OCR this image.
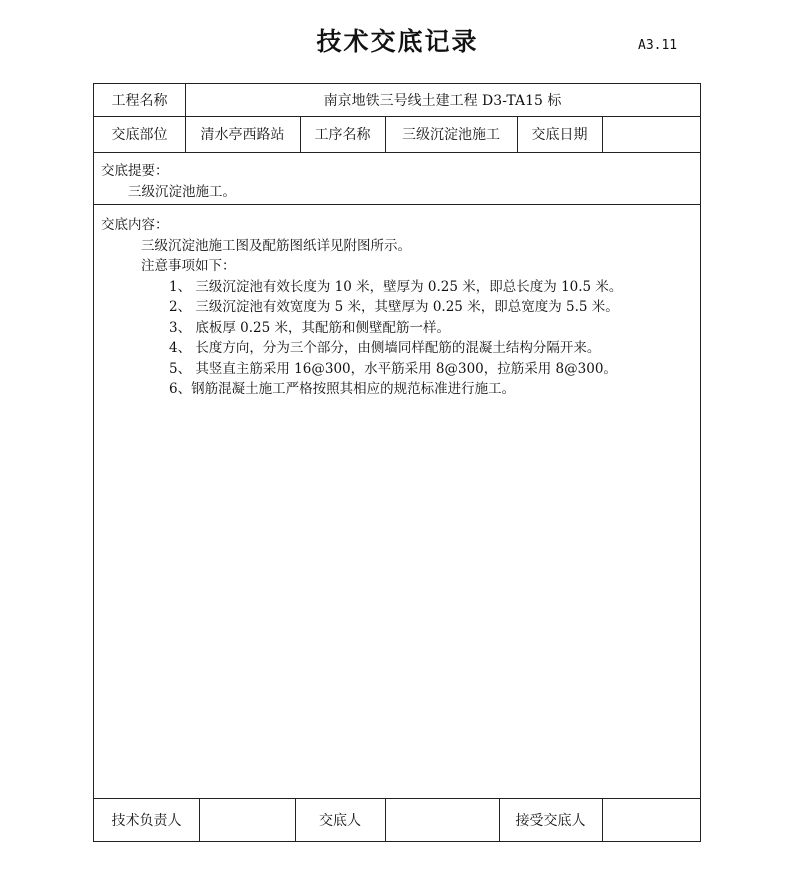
技术交底记录	A3.11
工程名称	南京地铁三号线土建工程 D3-TA15 标
交底部位	清水亭西路站	工序名称	三级沉淀池施工	交底日期

交底提要：

三级沉淀池施工。

交底内容：

三级沉淀池施工图及配筋图纸详见附图所示。

注意事项如下：

1、 三级沉淀池有效长度为 10 米，壁厚为 0.25 米，即总长度为 10.5 米。

2、 三级沉淀池有效宽度为 5 米，其壁厚为 0.25 米，即总宽度为 5.5 米。

3、 底板厚 0.25 米，其配筋和侧壁配筋一样。

4、 长度方向，分为三个部分，由侧墙同样配筋的混凝土结构分隔开来。

5、 其竖直主筋采用 16@300，水平筋采用 8@300，拉筋采用 8@300。

6、钢筋混凝土施工严格按照其相应的规范标准进行施工。

技术负责人	交底人	接受交底人
